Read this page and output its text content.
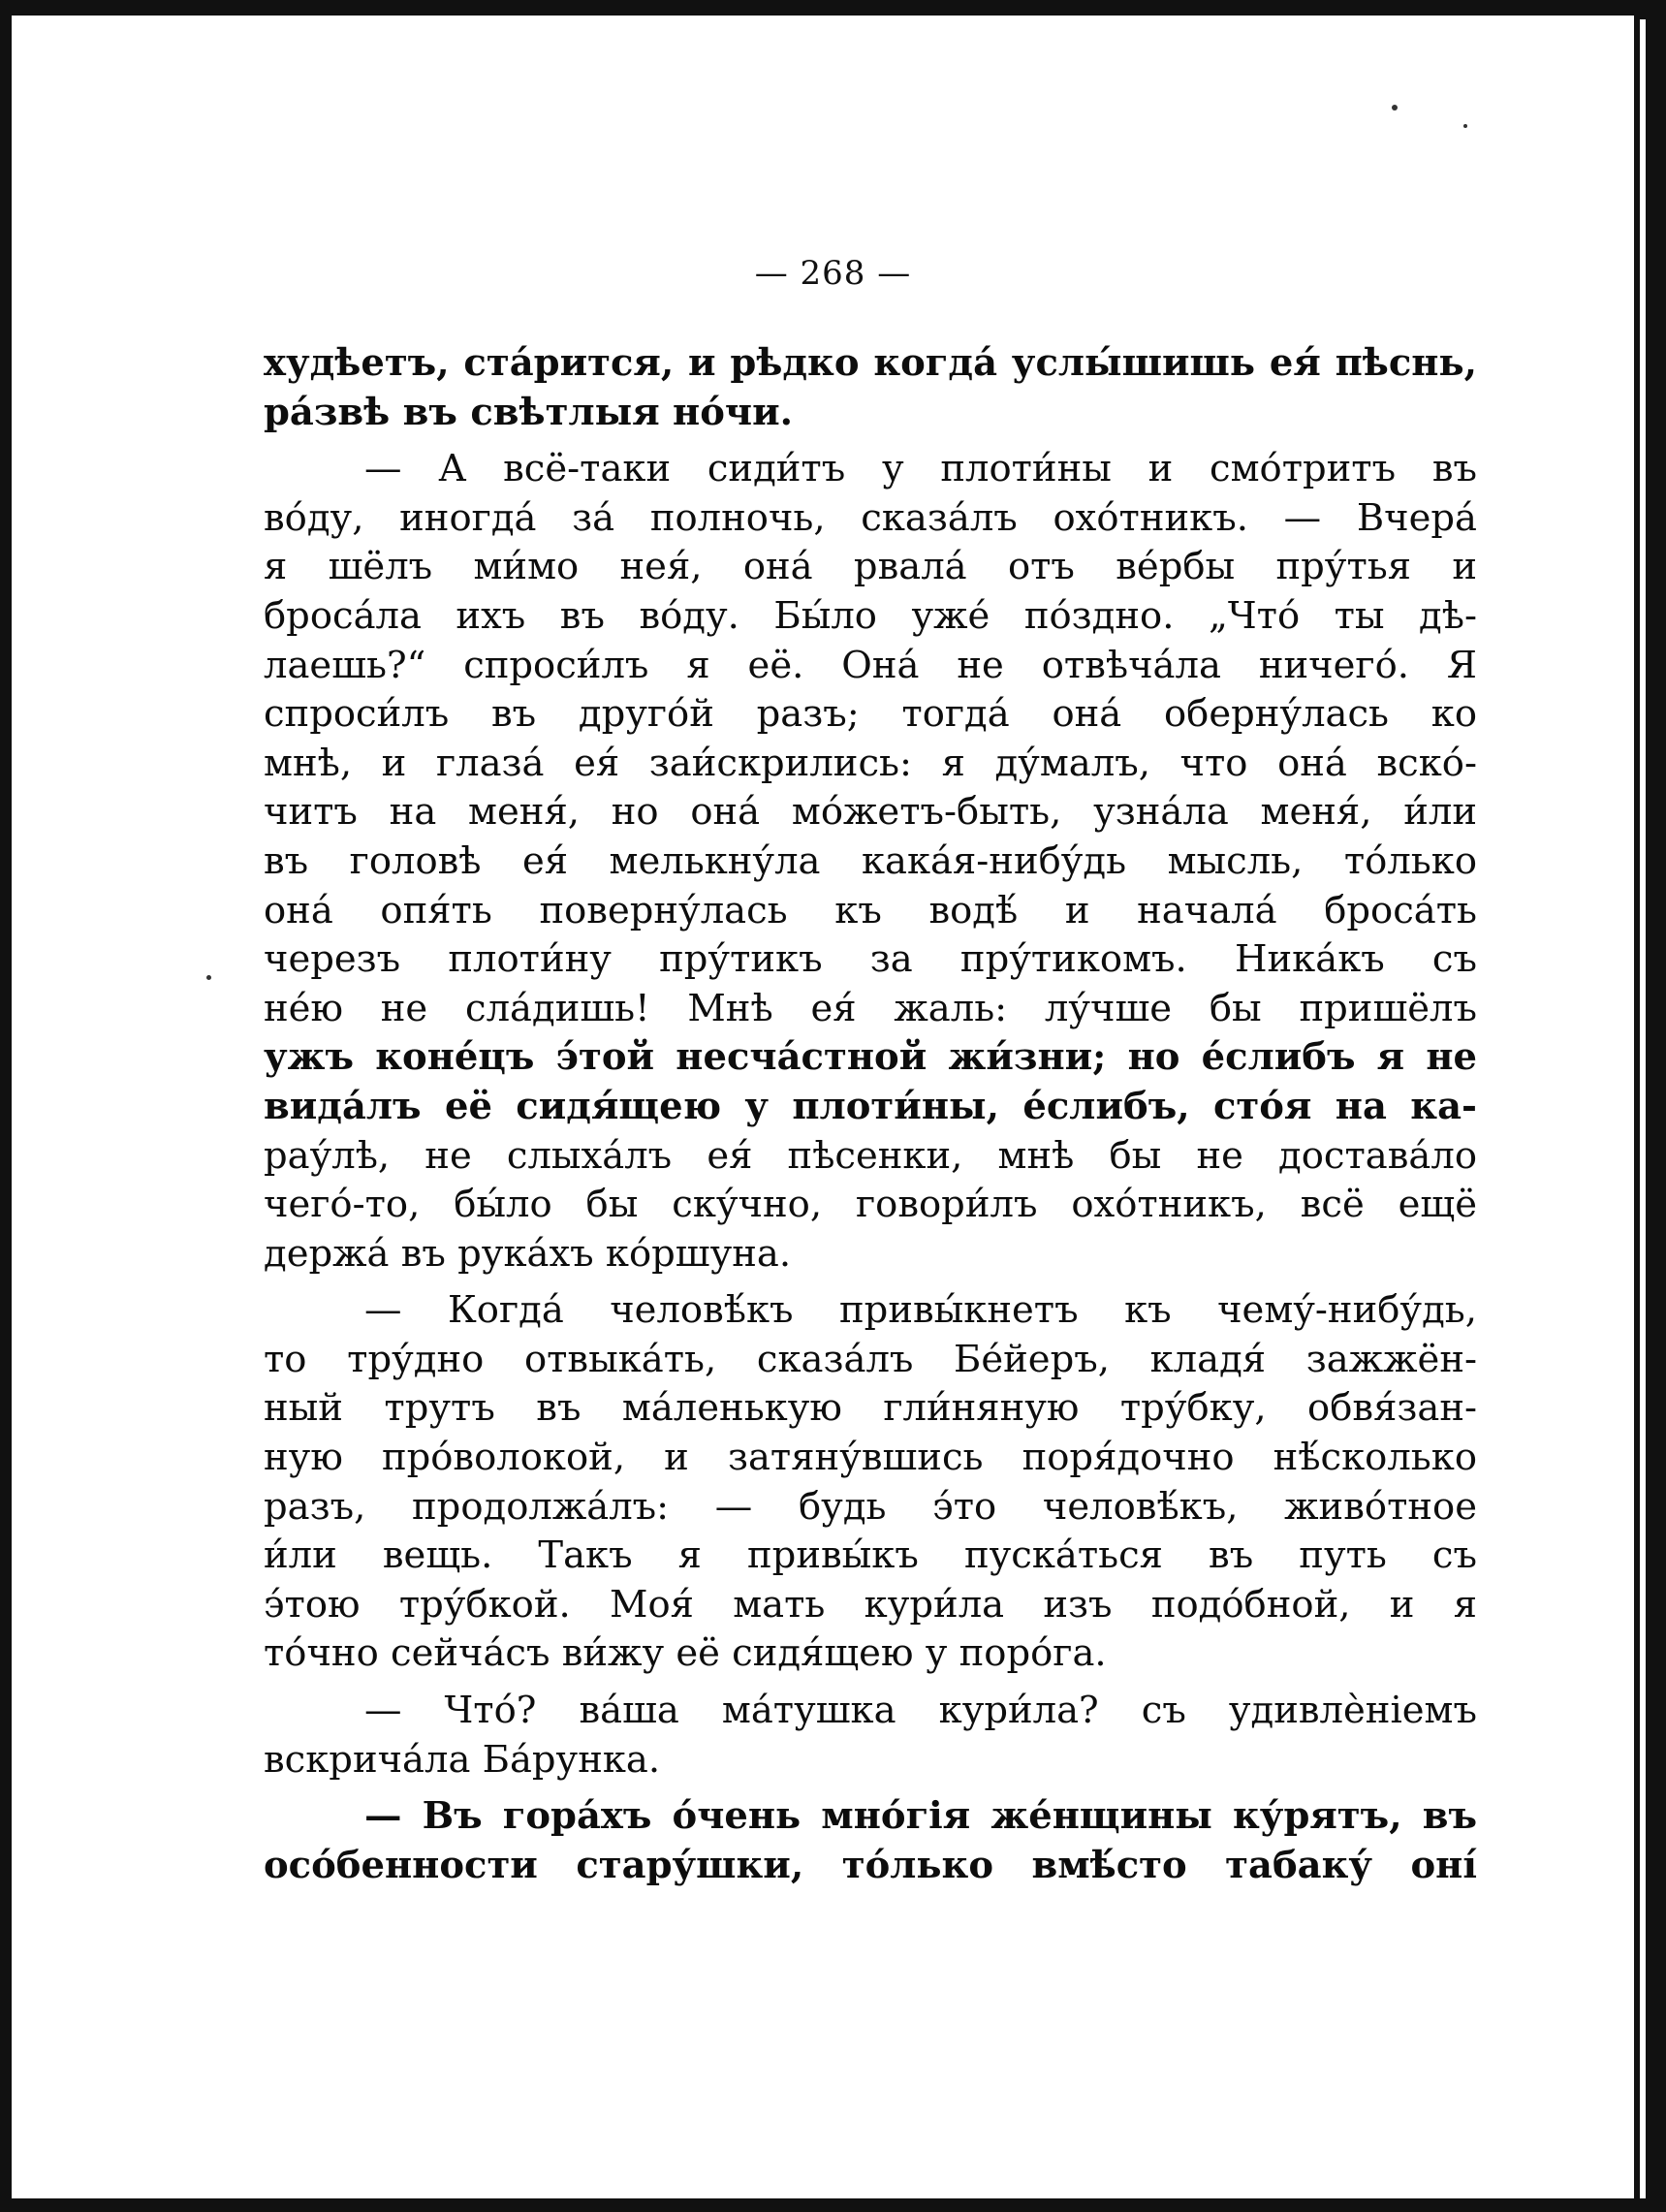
— 268 —
худѣетъ, ста́рится, и рѣдко когда́ услы́шишь ея́ пѣснь,
ра́звѣ въ свѣтлыя но́чи.
— А всё-таки сиди́тъ у плоти́ны и смо́тритъ въ
во́ду, иногда́ за́ полночь, сказа́лъ охо́тникъ. — Вчера́
я шёлъ ми́мо нея́, она́ рвала́ отъ ве́рбы пру́тья и
броса́ла ихъ въ во́ду. Бы́ло уже́ по́здно. „Что́ ты дѣ-
лаешь?“ спроси́лъ я её. Она́ не отвѣча́ла ничего́. Я
спроси́лъ въ друго́й разъ; тогда́ она́ оберну́лась ко
мнѣ, и глаза́ ея́ заи́скрились: я ду́малъ, что она́ вско́-
читъ на меня́, но она́ мо́жетъ-быть, узна́ла меня́, и́ли
въ головѣ ея́ мелькну́ла кака́я-нибу́дь мысль, то́лько
она́ опя́ть поверну́лась къ водѣ́ и начала́ броса́ть
черезъ плоти́ну пру́тикъ за пру́тикомъ. Ника́къ съ
не́ю не сла́дишь! Мнѣ ея́ жаль: лу́чше бы пришёлъ
ужъ коне́цъ э́той несча́стной жи́зни; но е́слибъ я не
вида́лъ её сидя́щею у плоти́ны, е́слибъ, сто́я на ка-
рау́лѣ, не слыха́лъ ея́ пѣсенки, мнѣ бы не достава́ло
чего́-то, бы́ло бы ску́чно, говори́лъ охо́тникъ, всё ещё
держа́ въ рука́хъ ко́ршуна.
— Когда́ человѣ́къ привы́кнетъ къ чему́-нибу́дь,
то тру́дно отвыка́ть, сказа́лъ Бе́йеръ, кладя́ зажжён-
ный трутъ въ ма́ленькую гли́няную тру́бку, обвя́зан-
ную про́волокой, и затяну́вшись поря́дочно нѣ́сколько
разъ, продолжа́лъ: — будь э́то человѣ́къ, живо́тное
и́ли вещь. Такъ я привы́къ пуска́ться въ путь съ
э́тою тру́бкой. Моя́ мать кури́ла изъ подо́бной, и я
то́чно сейча́съ ви́жу её сидя́щею у поро́га.
— Что́? ва́ша ма́тушка кури́ла? съ удивлѐніемъ
вскрича́ла Ба́рунка.
— Въ гора́хъ о́чень мно́гія же́нщины ку́рятъ, въ
осо́бенности стару́шки, то́лько вмѣ́сто табаку́ оні́
